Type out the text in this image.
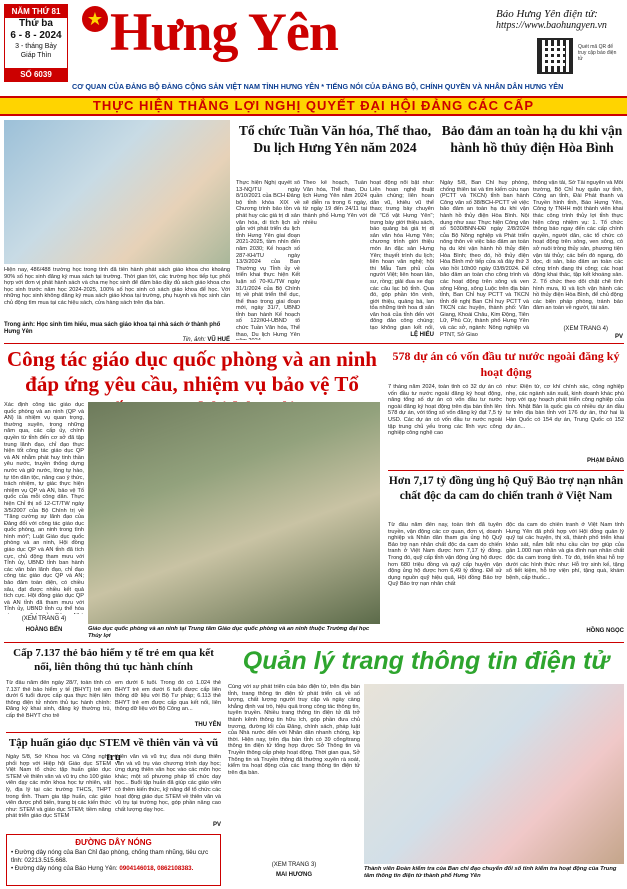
NĂM THỨ 81
Thứ ba
6 - 8 - 2024
3 - tháng Bảy
Giáp Thìn
SỐ 6039
★ Hưng Yên	Báo Hưng Yên điện tử:
https://www.baohungyen.vn
Quét mã QR để truy cập báo điện tử
CƠ QUAN CỦA ĐẢNG BỘ ĐẢNG CỘNG SẢN VIỆT NAM TỈNH HƯNG YÊN * TIẾNG NÓI CỦA ĐẢNG BỘ, CHÍNH QUYỀN VÀ NHÂN DÂN HƯNG YÊN
THỰC HIỆN THẮNG LỢI NGHỊ QUYẾT ĐẠI HỘI ĐẢNG CÁC CẤP
Hiện nay, 486/488 trường học trong tỉnh đã tiến hành phát sách giáo khoa cho khoảng 90% số học sinh đăng ký mua sách tại trường. Thời gian tới, các trường học tiếp tục phối hợp với đơn vị phát hành sách và cha mẹ học sinh để đảm bảo đầy đủ sách giáo khoa cho học sinh trước năm học 2024-2025, 100% số học sinh có sách giáo khoa để học. Với những học sinh không đăng ký mua sách giáo khoa tại trường, phụ huynh và học sinh cần chủ động tìm mua tại các hiệu sách, cửa hàng sách trên địa bàn.
Trong ảnh: Học sinh tìm hiểu, mua sách giáo khoa tại nhà sách ở thành phố Hưng Yên
Tin, ảnh: VŨ HUẾ
Tổ chức Tuần Văn hóa, Thể thao, Du lịch Hưng Yên năm 2024
Thực hiện Nghị quyết số 13-NQ/TU ngày 8/10/2021 của BCH Đảng bộ tỉnh khóa XIX về Chương trình bảo tồn và phát huy các giá trị di sản văn hóa, di tích lịch sử gắn với phát triển du lịch tỉnh Hưng Yên giai đoạn 2021-2025, tầm nhìn đến năm 2030; Kế hoạch số 287-KH/TU ngày 13/3/2024 của Ban Thường vụ Tỉnh ủy về triển khai thực hiện Kết luận số 70-KL/TW ngày 31/1/2024 của Bộ Chính trị về phát triển thể dục, thể thao trong giai đoạn mới, ngày 31/7, UBND tỉnh ban hành Kế hoạch số 122/KH-UBND tổ chức Tuần Văn hóa, Thể thao, Du lịch Hưng Yên
Theo kế hoạch, Tuần Văn hóa, Thể thao, Du lịch Hưng Yên năm 2024 sẽ diễn ra trong 6 ngày, từ ngày 19 đến 24/11 tại thành phố Hưng Yên với nhiều
hoạt động nổi bật như: Liên hoan nghệ thuật quần chúng; liên hoan dân vũ, khiêu vũ thể thao; trưng bày chuyên đề "Cổ vật Hưng Yên"; trưng bày giới thiệu sách, báo quảng bá giá trị di sản văn hóa Hưng Yên; chương trình giới thiệu món ăn đặc sản Hưng Yên; thuyết trình du lịch; liên hoan văn nghệ; hội thi Mẫu Tam phủ của người Việt; liên hoan lân, sư, rồng; giải đua xe đạp các câu lạc bộ tỉnh. Qua đó, góp phần tôn vinh, giới thiệu, quảng bá, lan tỏa những tinh hoa di sản văn hoá của tỉnh đến với đông đảo công chúng; tạo không gian kết nối,
LỆ HIẾU
Bảo đảm an toàn hạ du khi vận hành hồ thủy điện Hòa Bình
Ngày 5/8, Ban Chỉ huy phòng, chống thiên tai và tìm kiếm cứu nạn (PCTT và TKCN) tỉnh ban hành Công văn số 38/BCH-PCTT về việc bảo đảm an toàn hạ du khi vận hành hồ thủy điện Hòa Bình. Nội dung như sau: Thực hiện Công văn số 5030/BNN-ĐĐ ngày 2/8/2024 của Bộ Nông nghiệp và Phát triển nông thôn về việc bảo đảm an toàn hạ du khi vận hành hồ thủy điện Hòa Bình; theo đó, hồ thủy điện Hòa Bình mở tiếp cửa xả đáy thứ 3 vào hồi 10h00 ngày 03/8/2024. Để bảo đảm an toàn cho công trình và các hoạt động trên sông và ven sông Hồng, sông Luộc trên địa bàn tỉnh, Ban Chỉ huy PCTT và TKCN tỉnh đề nghị Ban Chỉ huy PCTT và TKCN các huyện, thành phố: Văn Giang, Khoái Châu, Kim Động, Tiên Lữ, Phù Cừ, thành phố Hưng Yên và các sở, ngành: Nông nghiệp và PTNT, Sở Giao
thông vận tải, Sở Tài nguyên và Môi trường, Bộ Chỉ huy quân sự tỉnh, Công an tỉnh, Đài Phát thanh và Truyền hình tỉnh, Báo Hưng Yên, Công ty TNHH một thành viên khai thác công trình thủy lợi tỉnh thực hiện công nhiệm vụ: 1. Tổ chức thông báo ngay đến các cấp chính quyền, người dân, các tổ chức có hoạt động trên sông, ven sông, có sở nuôi trồng thủy sản, phương tiện vận tải thủy; các bến đò ngang, đò dọc, di sản, bảo đảm an toàn các công trình đang thi công; các hoạt động khai thác, tập kết khoáng sản. 2. Tổ chức theo dõi chặt chẽ tình hình mưa, lũ và lịch vận hành các hồ thủy điện Hòa Bình, để chủ động các biện pháp phòng, tránh bảo đảm an toàn về người, tài sản.
(XEM TRANG 4)
PV
Công tác giáo dục quốc phòng và an ninh đáp ứng yêu cầu, nhiệm vụ bảo vệ Tổ
Xác định công tác giáo dục quốc phòng và an ninh (QP và AN) là nhiệm vụ quan trọng, thường xuyên, trong những năm qua, các cấp ủy, chính quyền từ tỉnh đến cơ sở đã tập trung lãnh đạo, chỉ đạo thực hiện tốt công tác giáo dục QP và AN nhằm phát huy tinh thần yêu nước, truyền thống dựng nước và giữ nước, lòng tự hào, tự tôn dân tộc, nâng cao ý thức, trách nhiệm, tự giác thực hiện nhiệm vụ QP và AN, bảo vệ Tổ quốc của mỗi công dân. Thực hiện Chỉ thị số 12-CT/TW ngày 3/5/2007 của Bộ Chính trị về "Tăng cường sự lãnh đạo của Đảng đối với công tác giáo dục quốc phòng, an ninh trong tình hình mới"; Luật Giáo dục quốc phòng và an ninh, Hội đồng giáo dục QP và AN tỉnh đã tích cực, chủ động tham mưu với Tỉnh ủy, UBND tỉnh ban hành các văn bản lãnh đạo, chỉ đạo công tác giáo dục QP và AN; bảo đảm toàn diện, có chiều sâu, đạt được nhiều kết quả tích cực. Hội đồng giáo dục QP và AN tỉnh đã tham mưu với Tỉnh ủy, UBND tỉnh cụ thể hóa
(XEM TRANG 4)
HOÀNG BẾN	Giáo dục quốc phòng và an ninh tại Trung tâm Giáo dục quốc phòng và an ninh thuộc Trường đại học Thủy lợi
578 dự án có vốn đầu tư nước ngoài đăng ký hoạt động
7 tháng năm 2024, toàn tỉnh có 32 dự án có vốn đầu tư nước ngoài đăng ký hoạt động, nâng tổng số dự án có vốn đầu tư nước ngoài đăng ký hoạt động trên địa bàn tỉnh lên 578 dự án, với tổng số vốn đăng ký đạt 7,5 tỷ USD. Các dự án có vốn đầu tư nước ngoài tập trung chủ yếu trong các lĩnh vực công nghiệp công nghệ cao
như: Điện tử, cơ khí chính xác, công nghiệp nhẹ, các ngành sản xuất, kinh doanh khác phù hợp với quy hoạch phát triển công nghiệp của tỉnh. Nhật Bản là quốc gia có nhiều dự án đầu tư trên địa bàn tỉnh với 176 dự án, thứ hai là Hàn Quốc có 154 dự án, Trung Quốc có 152 dự án...
PHẠM ĐĂNG
Hơn 7,17 tỷ đồng ủng hộ Quỹ Bảo trợ nạn nhân chất độc da cam do chiến tranh ở Việt Nam
Từ đầu năm đến nay, toàn tỉnh đã tuyên truyền, vận động các cơ quan, đơn vị, doanh nghiệp và Nhân dân tham gia ủng hộ Quỹ Bảo trợ nạn nhân chất độc da cam do chiến tranh ở Việt Nam được hơn 7,17 tỷ đồng. Trong đó, quỹ cấp tỉnh vận động ủng hộ được hơn 680 triệu đồng và quỹ cấp huyện vận động ủng hộ được hơn 6,49 tỷ đồng. Để sử dụng nguồn quỹ hiệu quả, Hội đồng Bảo trợ Quỹ Bảo trợ nạn nhân chất
độc da cam do chiến tranh ở Việt Nam tỉnh Hưng Yên đã phối hợp với Hội đồng quản lý quỹ tại các huyện, thị xã, thành phố triển khai khảo sát, nắm bắt nhu cầu cần trợ giúp của gần 1.000 nạn nhân và gia đình nạn nhân chất độc da cam trong tỉnh. Từ đó, triển khai hỗ trợ dưới các hình thức như: Hỗ trợ sinh kế, tặng sổ tiết kiệm, hỗ trợ viện phí, tặng quà, khám bệnh, cấp thuốc...
HỒNG NGỌC
Cấp 7.137 thẻ bảo hiểm y tế trẻ em qua kết nối, liên thông thủ tục hành chính
Từ đầu năm đến ngày 28/7, toàn tỉnh có 7.137 thẻ bảo hiểm y tế (BHYT) trẻ em dưới 6 tuổi được cấp qua thực hiện liên thông điện tử nhóm thủ tục hành chính: Đăng ký khai sinh, đăng ký thường trú, cấp thẻ BHYT cho trẻ
em dưới 6 tuổi. Trong đó có 1.024 thẻ BHYT trẻ em dưới 6 tuổi được cấp liên thông dữ liệu với Bộ Tư pháp; 6.113 thẻ BHYT trẻ em được cấp qua kết nối, liên thông dữ liệu với Bộ Công an...
THU YÊN
Tập huấn giáo dục STEM về thiên văn và vũ trụ
Ngày 5/8, Sở Khoa học và Công nghệ phối hợp với Hiệp hội Giáo dục STEM Việt Nam tổ chức tập huấn giáo dục STEM về thiên văn và vũ trụ cho 100 giáo viên dạy các môn khoa học tự nhiên, vật lý, địa lý tại các trường THCS, THPT trong tỉnh. Tham gia tập huấn, các giáo viên được phổ biến, trang bị các kiến thức như: STEM và giáo dục STEM; tiềm năng phát triển giáo dục STEM
thiên văn và vũ trụ; đưa nội dung thiên văn và vũ trụ vào chương trình dạy học; ứng dụng thiên văn học vào các môn học khác; một số phương pháp tổ chức dạy học... Buổi tập huấn đã giúp các giáo viên có thêm kiến thức, kỹ năng để tổ chức các hoạt động giáo dục STEM về thiên văn và vũ trụ tại trường học, góp phần nâng cao chất lượng dạy học.
PV
ĐƯỜNG DÂY NÓNG
• Đường dây nóng của Ban Chỉ đạo phòng, chống tham nhũng, tiêu cực tỉnh: 02213.515.668.
• Đường dây nóng của Báo Hưng Yên: 0904146018, 0862108383.
Quản lý trang thông tin điện tử
Cùng với sự phát triển của báo điện tử, trên địa bàn tỉnh, trang thông tin điện tử phát triển cả về số lượng, chất lượng người truy cập và ngày càng khẳng định vai trò, hiệu quả trong công tác thông tin, tuyên truyền. Nhiều trang thông tin điện tử đã trở thành kênh thông tin hữu ích, góp phần đưa chủ trương, đường lối của Đảng, chính sách, pháp luật của Nhà nước đến với Nhân dân nhanh chóng, kịp thời. Hiện nay, trên địa bàn tỉnh có 39 cổng/trang thông tin điện tử tổng hợp được Sở Thông tin và Truyền thông cấp phép hoạt động. Thời gian qua, Sở Thông tin và Truyền thông đã thường xuyên rà soát, kiểm tra hoạt động của các trang thông tin điện tử trên địa bàn.
(XEM TRANG 3)
MAI HƯƠNG
Thành viên Đoàn kiểm tra của Ban chỉ đạo chuyển đổi số tỉnh kiểm tra hoạt động của Trung tâm thông tin điện tử thành phố Hưng Yên
